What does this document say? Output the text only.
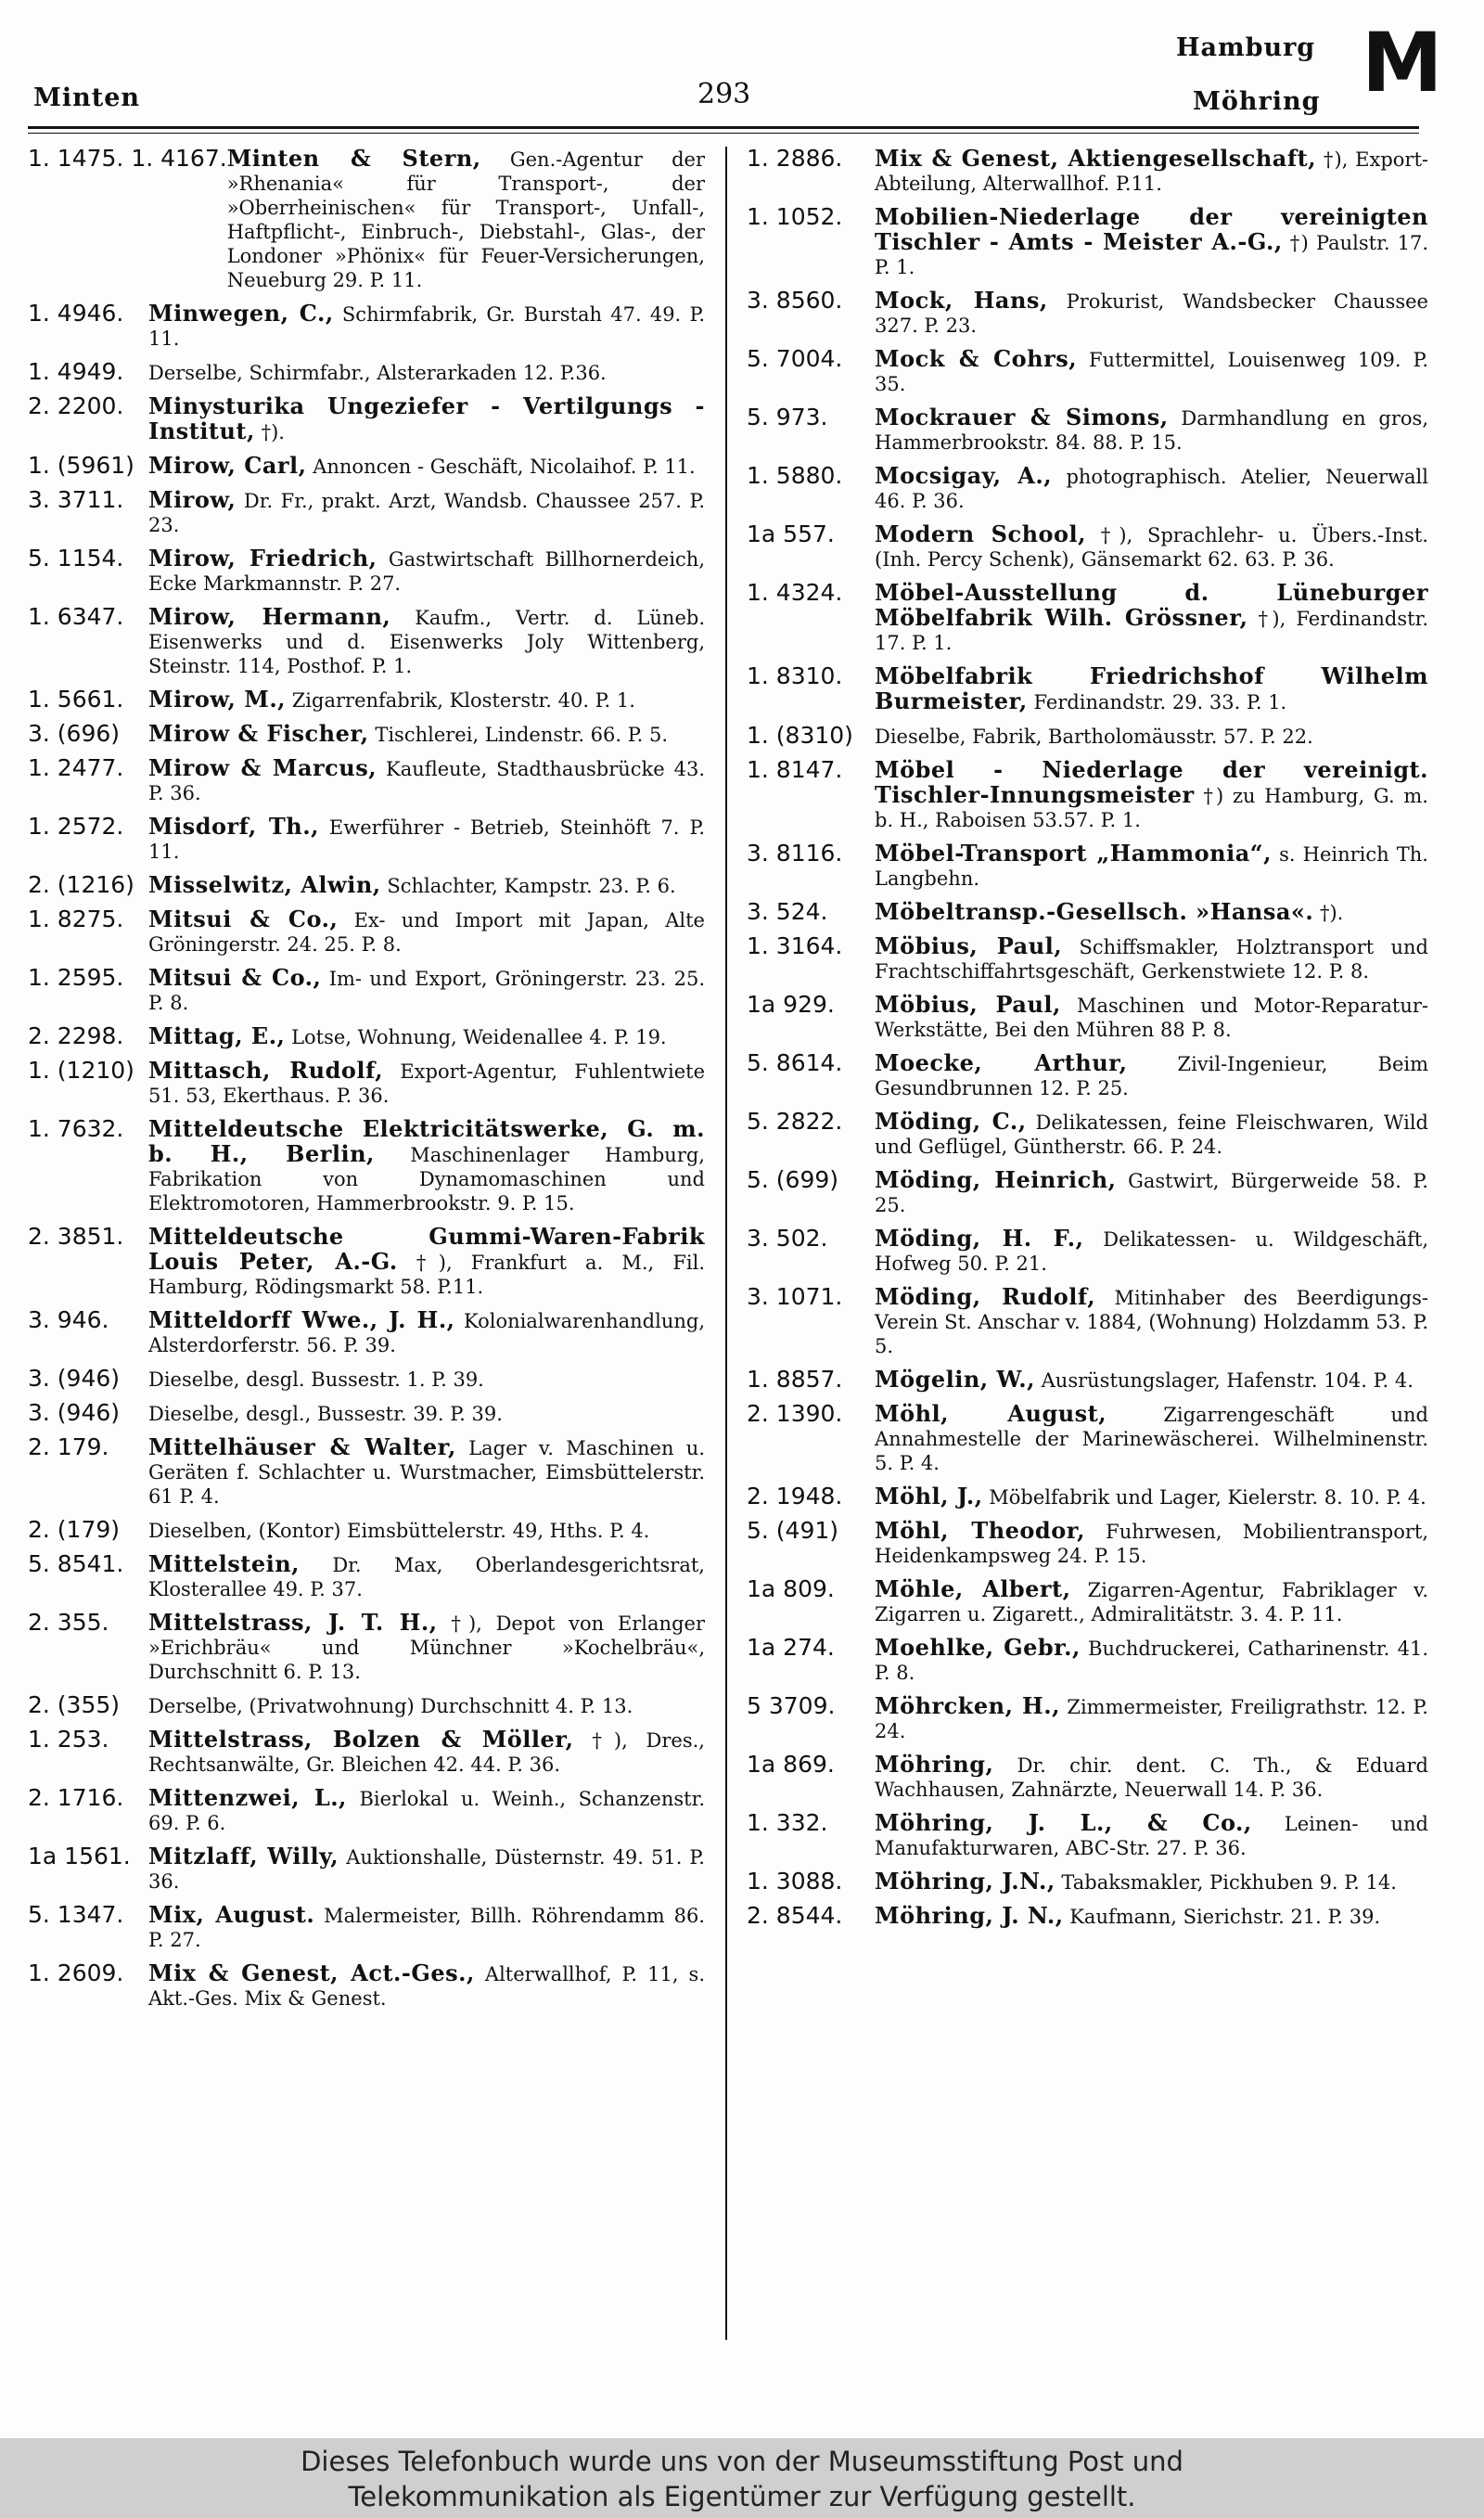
Minten	293
Hamburg
Möhring M
1. 1475. 1. 4167. Minten & Stern, Gen.-Agentur der »Rhenania« für Transport-, der »Oberrheinischen« für Transport-, Unfall-, Haftpflicht-, Einbruch-, Diebstahl-, Glas-, der Londoner »Phönix« für Feuer-Versicherungen, Neueburg 29. P. 11.
1. 4946.	Minwegen, C., Schirmfabrik, Gr. Burstah 47. 49. P. 11.
1. 4949.	Derselbe, Schirmfabr., Alsterarkaden 12. P.36.
2. 2200.	Minysturika Ungeziefer - Vertilgungs - Institut, †).
1. (5961) Mirow, Carl, Annoncen - Geschäft, Nicolaihof. P. 11.
3. 3711.	Mirow, Dr. Fr., prakt. Arzt, Wandsb. Chaussee 257. P. 23.
5. 1154.	Mirow, Friedrich, Gastwirtschaft Billhornerdeich, Ecke Markmannstr. P. 27.
1. 6347.	Mirow, Hermann, Kaufm., Vertr. d. Lüneb. Eisenwerks und d. Eisenwerks Joly Wittenberg, Steinstr. 114, Posthof. P. 1.
1. 5661.	Mirow, M., Zigarrenfabrik, Klosterstr. 40. P. 1.
3. (696)	Mirow & Fischer, Tischlerei, Lindenstr. 66. P. 5.
1. 2477.	Mirow & Marcus, Kaufleute, Stadthausbrücke 43. P. 36.
1. 2572.	Misdorf, Th., Ewerführer - Betrieb, Steinhöft 7. P. 11.
2. (1216) Misselwitz, Alwin, Schlachter, Kampstr. 23. P. 6.
1. 8275.	Mitsui & Co., Ex- und Import mit Japan, Alte Gröningerstr. 24. 25. P. 8.
1. 2595.	Mitsui & Co., Im- und Export, Gröningerstr. 23. 25. P. 8.
2. 2298.	Mittag, E., Lotse, Wohnung, Weidenallee 4. P. 19.
1. (1210) Mittasch, Rudolf, Export-Agentur, Fuhlentwiete 51. 53, Ekerthaus. P. 36.
1. 7632.	Mitteldeutsche Elektricitätswerke, G. m. b. H., Berlin, Maschinenlager Hamburg, Fabrikation von Dynamomaschinen und Elektromotoren, Hammerbrookstr. 9. P. 15.
2. 3851.	Mitteldeutsche Gummi-Waren-Fabrik Louis Peter, A.-G. †), Frankfurt a. M., Fil. Hamburg, Rödingsmarkt 58. P.11.
3. 946.	Mitteldorff Wwe., J. H., Kolonialwarenhandlung, Alsterdorferstr. 56. P. 39.
3. (946)	Dieselbe, desgl. Bussestr. 1. P. 39.
3. (946)	Dieselbe, desgl., Bussestr. 39. P. 39.
2. 179.	Mittelhäuser & Walter, Lager v. Maschinen u. Geräten f. Schlachter u. Wurstmacher, Eimsbüttelerstr. 61 P. 4.
2. (179)	Dieselben, (Kontor) Eimsbüttelerstr. 49, Hths. P. 4.
5. 8541.	Mittelstein, Dr. Max, Oberlandesgerichtsrat, Klosterallee 49. P. 37.
2. 355.	Mittelstrass, J. T. H., †), Depot von Erlanger »Erichbräu« und Münchner »Kochelbräu«, Durchschnitt 6. P. 13.
2. (355)	Derselbe, (Privatwohnung) Durchschnitt 4. P. 13.
1. 253.	Mittelstrass, Bolzen & Möller, †), Dres., Rechtsanwälte, Gr. Bleichen 42. 44. P. 36.
2. 1716.	Mittenzwei, L., Bierlokal u. Weinh., Schanzenstr. 69. P. 6.
1a 1561. Mitzlaff, Willy, Auktionshalle, Düsternstr. 49. 51. P. 36.
5. 1347.	Mix, August. Malermeister, Billh. Röhrendamm 86. P. 27.
1. 2609.	Mix & Genest, Act.-Ges., Alterwallhof, P. 11, s. Akt.-Ges. Mix & Genest.
1. 2886.	Mix & Genest, Aktiengesellschaft, †), Export-Abteilung, Alterwallhof. P.11.
1. 1052.	Mobilien-Niederlage der vereinigten Tischler - Amts - Meister A.-G., †) Paulstr. 17. P. 1.
3. 8560.	Mock, Hans, Prokurist, Wandsbecker Chaussee 327. P. 23.
5. 7004.	Mock & Cohrs, Futtermittel, Louisenweg 109. P. 35.
5. 973.	Mockrauer & Simons, Darmhandlung en gros, Hammerbrookstr. 84. 88. P. 15.
1. 5880.	Mocsigay, A., photographisch. Atelier, Neuerwall 46. P. 36.
1a 557.	Modern School, †), Sprachlehr- u. Übers.-Inst. (Inh. Percy Schenk), Gänsemarkt 62. 63. P. 36.
1. 4324.	Möbel-Ausstellung d. Lüneburger Möbelfabrik Wilh. Grössner, †), Ferdinandstr. 17. P. 1.
1. 8310.	Möbelfabrik Friedrichshof Wilhelm Burmeister, Ferdinandstr. 29. 33. P. 1.
1. (8310)	Dieselbe, Fabrik, Bartholomäusstr. 57. P. 22.
1. 8147.	Möbel - Niederlage der vereinigt. Tischler-Innungsmeister †) zu Hamburg, G. m. b. H., Raboisen 53.57. P. 1.
3. 8116.	Möbel-Transport „Hammonia“, s. Heinrich Th. Langbehn.
3. 524.	Möbeltransp.-Gesellsch. »Hansa«. †).
1. 3164.	Möbius, Paul, Schiffsmakler, Holztransport und Frachtschiffahrtsgeschäft, Gerkenstwiete 12. P. 8.
1a 929.	Möbius, Paul, Maschinen und Motor-Reparatur-Werkstätte, Bei den Mühren 88 P. 8.
5. 8614.	Moecke, Arthur,	Zivil-Ingenieur, Beim Gesundbrunnen 12. P. 25.
5. 2822.	Möding, C., Delikatessen, feine Fleischwaren, Wild und Geflügel, Güntherstr. 66. P. 24.
5. (699)	Möding, Heinrich, Gastwirt, Bürgerweide 58. P. 25.
3. 502.	Möding, H. F., Delikatessen- u. Wildgeschäft, Hofweg 50. P. 21.
3. 1071.	Möding, Rudolf, Mitinhaber des Beerdigungs-Verein St. Anschar v. 1884, (Wohnung) Holzdamm 53. P. 5.
1. 8857.	Mögelin, W., Ausrüstungslager, Hafenstr. 104. P. 4.
2. 1390.	Möhl, August,	Zigarrengeschäft und Annahmestelle der Marinewäscherei. Wilhelminenstr. 5. P. 4.
2. 1948.	Möhl, J., Möbelfabrik und Lager, Kielerstr. 8. 10. P. 4.
5. (491)	Möhl, Theodor, Fuhrwesen, Mobilientransport, Heidenkampsweg 24. P. 15.
1a 809.	Möhle, Albert, Zigarren-Agentur, Fabriklager v. Zigarren u. Zigarett., Admiralitätstr. 3. 4. P. 11.
1a 274.	Moehlke, Gebr., Buchdruckerei, Catharinenstr. 41. P. 8.
5 3709.	Möhrcken, H., Zimmermeister, Freiligrathstr. 12. P. 24.
1a 869.	Möhring, Dr. chir. dent. C. Th., & Eduard Wachhausen, Zahnärzte, Neuerwall 14. P. 36.
1. 332.	Möhring, J. L., & Co., Leinen- und Manufakturwaren, ABC-Str. 27. P. 36.
1. 3088.	Möhring, J.N., Tabaksmakler, Pickhuben 9. P. 14.
2. 8544.	Möhring, J. N., Kaufmann, Sierichstr. 21. P. 39.
Dieses Telefonbuch wurde uns von der Museumsstiftung Post und
Telekommunikation als Eigentümer zur Verfügung gestellt.
